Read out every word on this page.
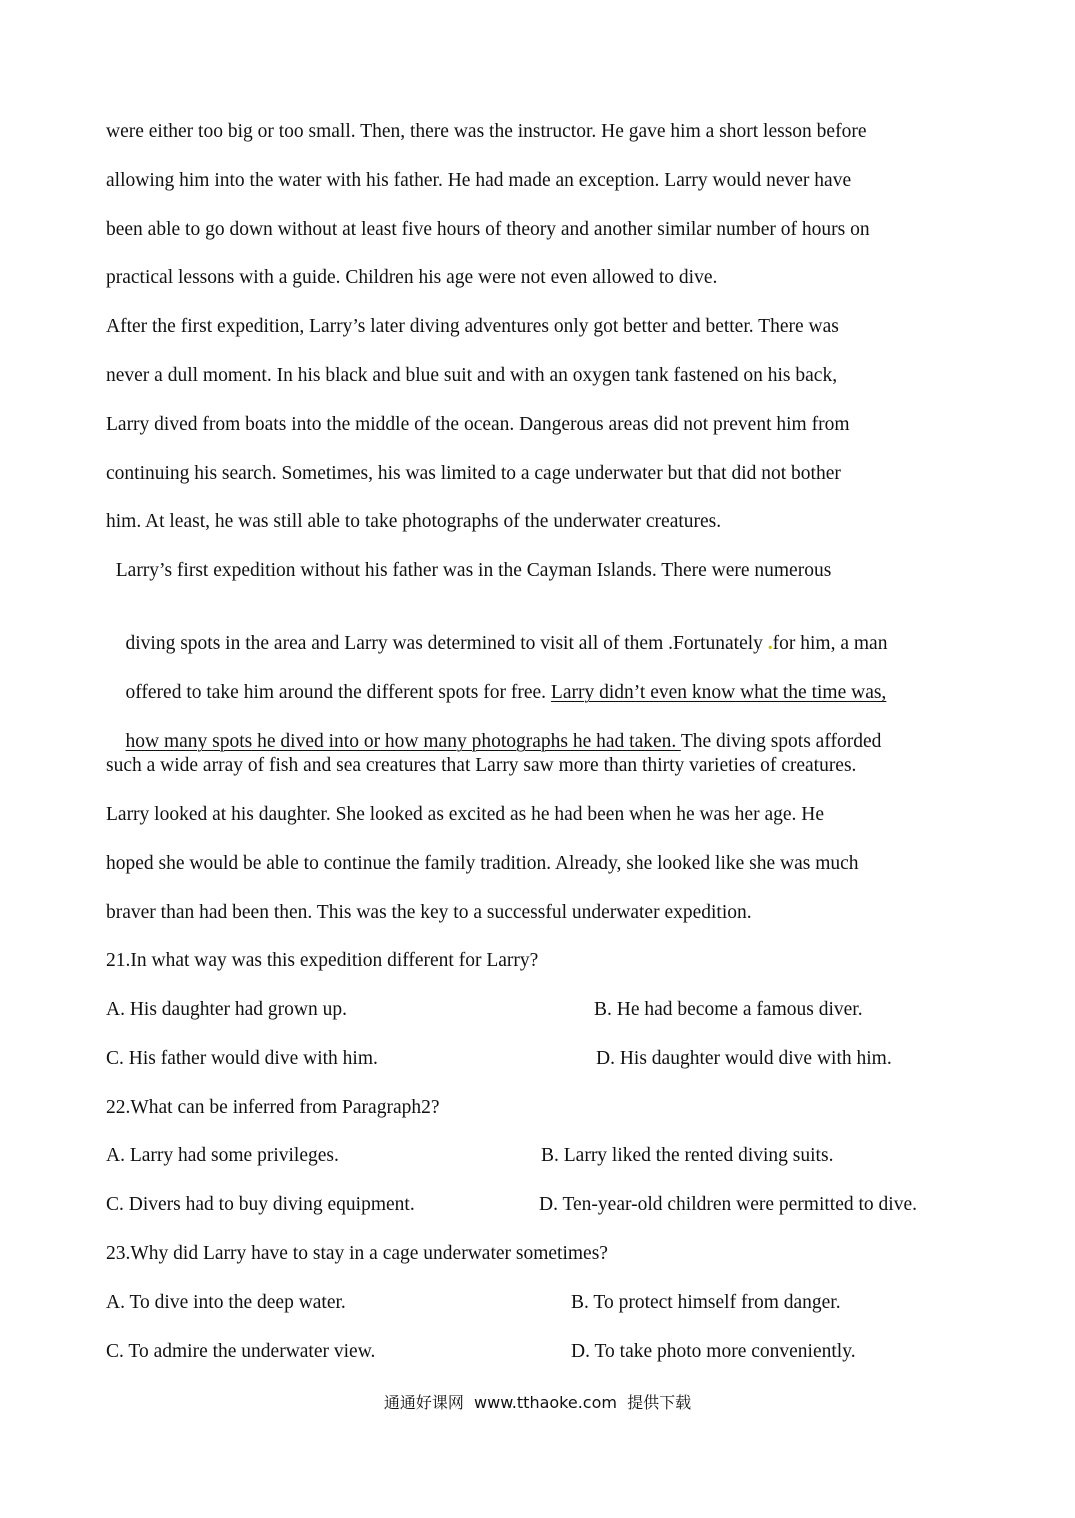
were either too big or too small. Then, there was the instructor. He gave him a short lesson before
allowing him into the water with his father. He had made an exception. Larry would never have
been able to go down without at least five hours of theory and another similar number of hours on
practical lessons with a guide. Children his age were not even allowed to dive.
After the first expedition, Larry’s later diving adventures only got better and better. There was
never a dull moment. In his black and blue suit and with an oxygen tank fastened on his back,
Larry dived from boats into the middle of the ocean. Dangerous areas did not prevent him from
continuing his search. Sometimes, his was limited to a cage underwater but that did not bother
him. At least, he was still able to take photographs of the underwater creatures.
Larry’s first expedition without his father was in the Cayman Islands. There were numerous

diving spots in the area and Larry was determined to visit all of them .Fortunately .for him, a man

offered to take him around the different spots for free. Larry didn’t even know what the time was,

how many spots he dived into or how many photographs he had taken. The diving spots afforded

such a wide array of fish and sea creatures that Larry saw more than thirty varieties of creatures.
Larry looked at his daughter. She looked as excited as he had been when he was her age. He
hoped she would be able to continue the family tradition. Already, she looked like she was much
braver than had been then. This was the key to a successful underwater expedition.
21.In what way was this expedition different for Larry?
A. His daughter had grown up.	B. He had become a famous diver.
C. His father would dive with him.	D. His daughter would dive with him.
22.What can be inferred from Paragraph2?
A. Larry had some privileges.	B. Larry liked the rented diving suits.
C. Divers had to buy diving equipment.	D. Ten-year-old children were permitted to dive.
23.Why did Larry have to stay in a cage underwater sometimes?
A. To dive into the deep water.	B. To protect himself from danger.
C. To admire the underwater view.	D. To take photo more conveniently.
通通好课网  www.tthaoke.com  提供下载
